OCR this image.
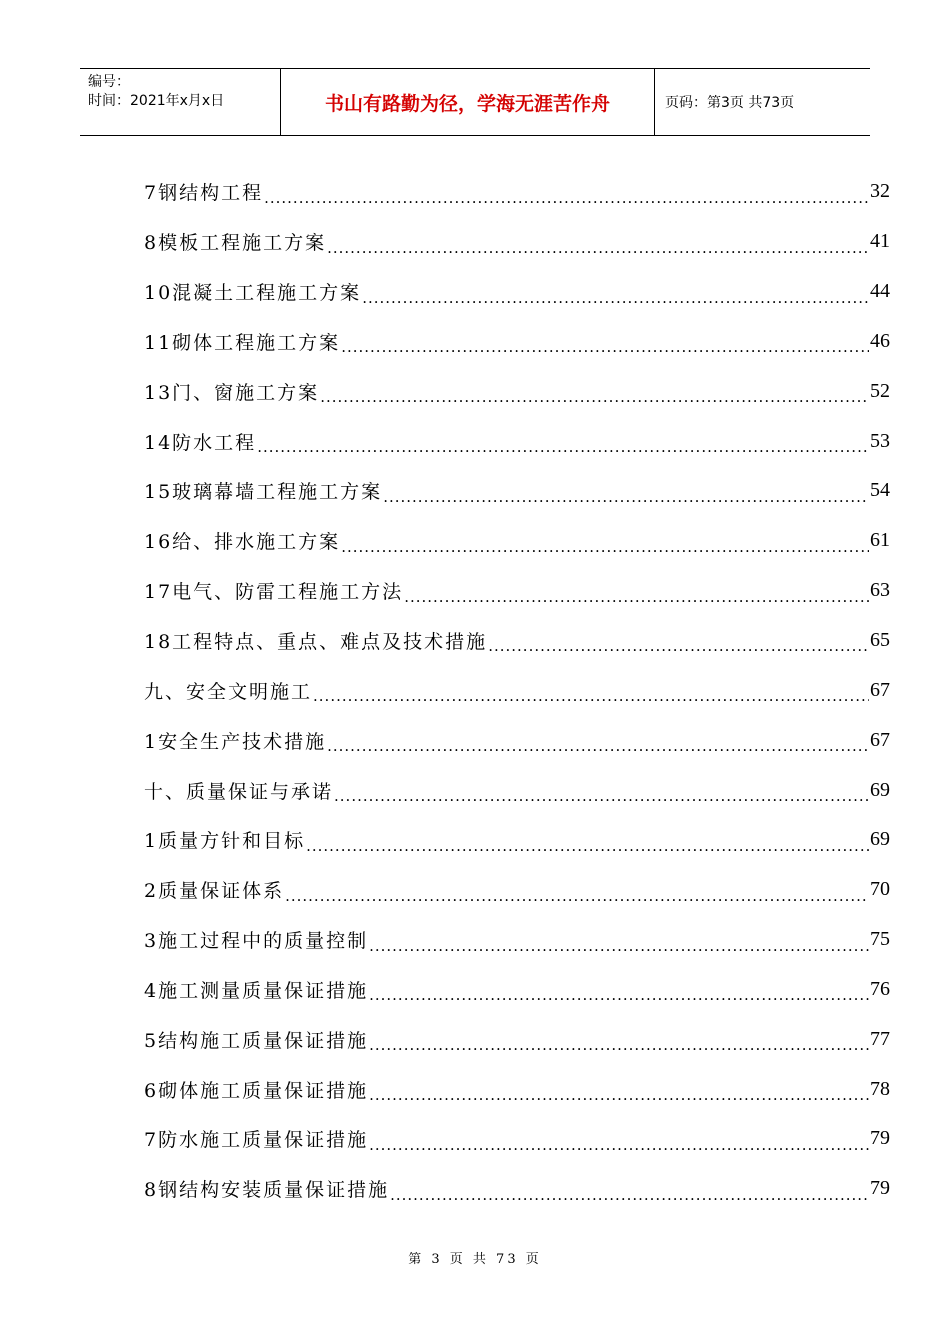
编号：
时间：2021年x月x日	书山有路勤为径，学海无涯苦作舟	页码：第3页 共73页
7钢结构工程 .....	32
8模板工程施工方案 .....	41
10混凝土工程施工方案 .....	44
11砌体工程施工方案 .....	46
13门、窗施工方案 .....	52
14防水工程 .....	53
15玻璃幕墙工程施工方案 .....	54
16给、排水施工方案 .....	61
17电气、防雷工程施工方法 .....	63
18工程特点、重点、难点及技术措施 .....	65
九、安全文明施工 .....	67
1安全生产技术措施 .....	67
十、质量保证与承诺 .....	69
1质量方针和目标 .....	69
2质量保证体系 .....	70
3施工过程中的质量控制 .....	75
4施工测量质量保证措施 .....	76
5结构施工质量保证措施 .....	77
6砌体施工质量保证措施 .....	78
7防水施工质量保证措施 .....	79
8钢结构安装质量保证措施 .....	79
第 3 页 共 73 页
